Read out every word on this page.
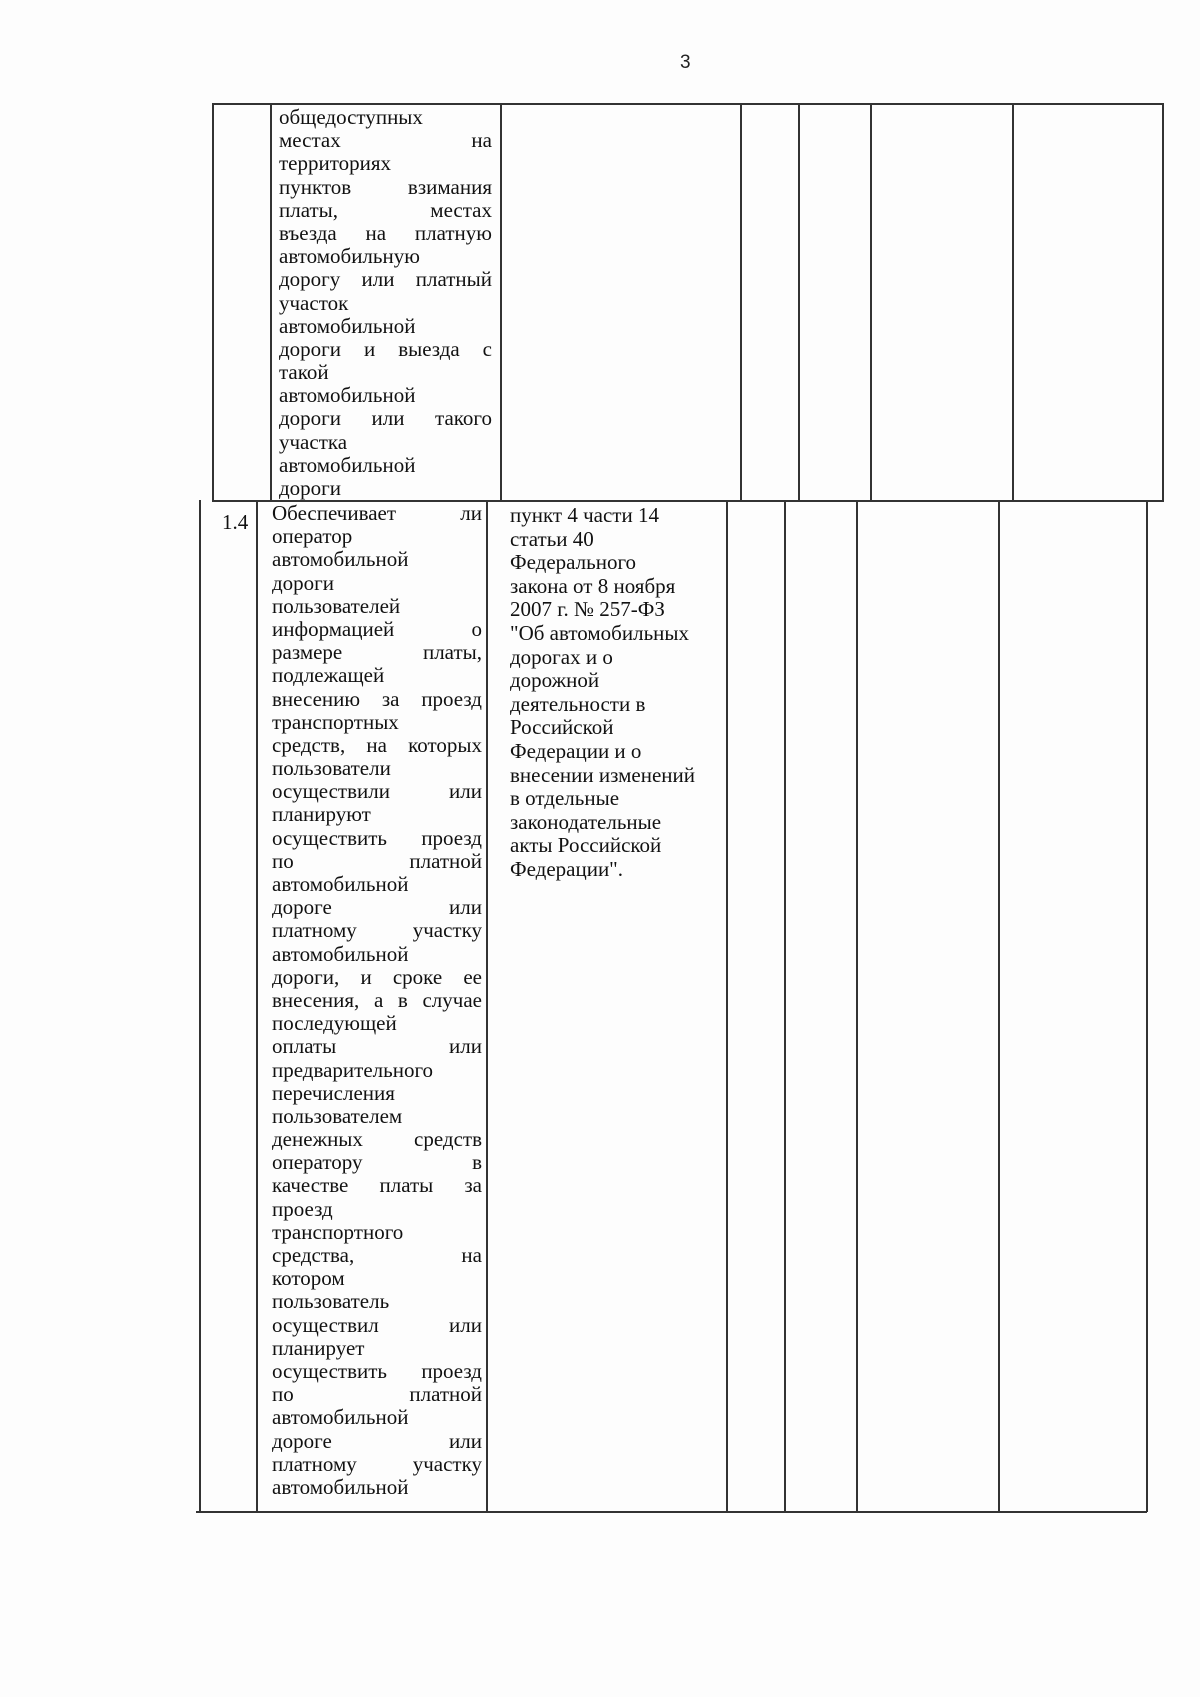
3
общедоступных
местах на
территориях
пунктов взимания
платы, местах
въезда на платную
автомобильную
дорогу или платный
участок
автомобильной
дороги и выезда с
такой
автомобильной
дороги или такого
участка
автомобильной
дороги
1.4 Обеспечивает ли
оператор
автомобильной
дороги
пользователей
информацией о
размере платы,
подлежащей
внесению за проезд
транспортных
средств, на которых
пользователи
осуществили или
планируют
осуществить проезд
по платной
автомобильной
дороге или
платному участку
автомобильной
дороги, и сроке ее
внесения, а в случае
последующей
оплаты или
предварительного
перечисления
пользователем
денежных средств
оператору в
качестве платы за
проезд
транспортного
средства, на
котором
пользователь
осуществил или
планирует
осуществить проезд
по платной
автомобильной
дороге или
платному участку
автомобильной
пункт 4 части 14
статьи 40
Федерального
закона от 8 ноября
2007 г. № 257-ФЗ
"Об автомобильных
дорогах и о
дорожной
деятельности в
Российской
Федерации и о
внесении изменений
в отдельные
законодательные
акты Российской
Федерации".
